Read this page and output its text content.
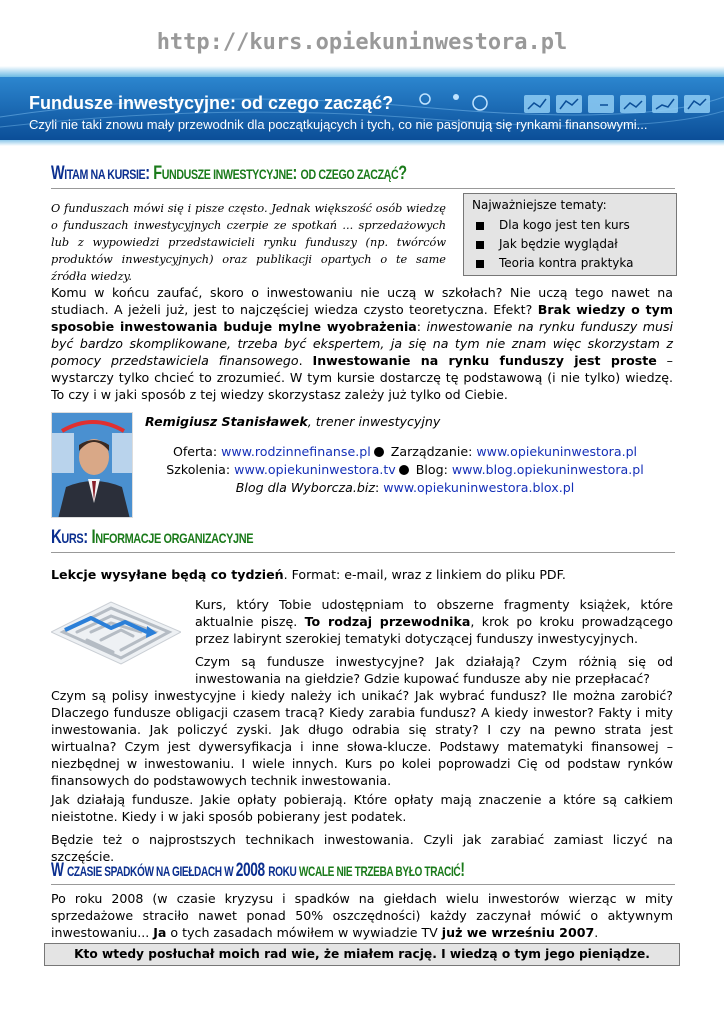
http://kurs.opiekuninwestora.pl
Fundusze inwestycyjne: od czego zacząć?
Czyli nie taki znowu mały przewodnik dla początkujących i tych, co nie pasjonują się rynkami finansowymi...
WITAM NA KURSIE: FUNDUSZE INWESTYCYJNE: OD CZEGO ZACZĄĆ?
O funduszach mówi się i pisze często. Jednak większość osób wiedzę o funduszach inwestycyjnych czerpie ze spotkań ... sprzedażowych lub z wypowiedzi przedstawicieli rynku funduszy (np. twórców produktów inwestycyjnych) oraz publikacji opartych o te same źródła wiedzy.
Najważniejsze tematy:
Dla kogo jest ten kurs
Jak będzie wyglądał
Teoria kontra praktyka
Komu w końcu zaufać, skoro o inwestowaniu nie uczą w szkołach? Nie uczą tego nawet na studiach. A jeżeli już, jest to najczęściej wiedza czysto teoretyczna. Efekt? Brak wiedzy o tym sposobie inwestowania buduje mylne wyobrażenia: inwestowanie na rynku funduszy musi być bardzo skomplikowane, trzeba być ekspertem, ja się na tym nie znam więc skorzystam z pomocy przedstawiciela finansowego. Inwestowanie na rynku funduszy jest proste – wystarczy tylko chcieć to zrozumieć. W tym kursie dostarczę tę podstawową (i nie tylko) wiedzę. To czy i w jaki sposób z tej wiedzy skorzystasz zależy już tylko od Ciebie.
Remigiusz Stanisławek, trener inwestycyjny
Oferta: www.rodzinnefinanse.pl Zarządzanie: www.opiekuninwestora.pl
Szkolenia: www.opiekuninwestora.tv Blog: www.blog.opiekuninwestora.pl
Blog dla Wyborcza.biz: www.opiekuninwestora.blox.pl
KURS: INFORMACJE ORGANIZACYJNE
Lekcje wysyłane będą co tydzień. Format: e-mail, wraz z linkiem do pliku PDF.
Kurs, który Tobie udostępniam to obszerne fragmenty książek, które aktualnie piszę. To rodzaj przewodnika, krok po kroku prowadzącego przez labirynt szerokiej tematyki dotyczącej funduszy inwestycyjnych.
Czym są fundusze inwestycyjne? Jak działają? Czym różnią się od inwestowania na giełdzie? Gdzie kupować fundusze aby nie przepłacać?
Czym są polisy inwestycyjne i kiedy należy ich unikać? Jak wybrać fundusz? Ile można zarobić? Dlaczego fundusze obligacji czasem tracą? Kiedy zarabia fundusz? A kiedy inwestor? Fakty i mity inwestowania. Jak policzyć zyski. Jak długo odrabia się straty? I czy na pewno strata jest wirtualna? Czym jest dywersyfikacja i inne słowa-klucze. Podstawy matematyki finansowej – niezbędnej w inwestowaniu. I wiele innych. Kurs po kolei poprowadzi Cię od podstaw rynków finansowych do podstawowych technik inwestowania.
Jak działają fundusze. Jakie opłaty pobierają. Które opłaty mają znaczenie a które są całkiem nieistotne. Kiedy i w jaki sposób pobierany jest podatek.
Będzie też o najprostszych technikach inwestowania. Czyli jak zarabiać zamiast liczyć na szczęście.
W CZASIE SPADKÓW NA GIEŁDACH W 2008 ROKU WCALE NIE TRZEBA BYŁO TRACIĆ!
Po roku 2008 (w czasie kryzysu i spadków na giełdach wielu inwestorów wierząc w mity sprzedażowe straciło nawet ponad 50% oszczędności) każdy zaczynał mówić o aktywnym inwestowaniu... Ja o tych zasadach mówiłem w wywiadzie TV już we wrześniu 2007.
Kto wtedy posłuchał moich rad wie, że miałem rację. I wiedzą o tym jego pieniądze.
